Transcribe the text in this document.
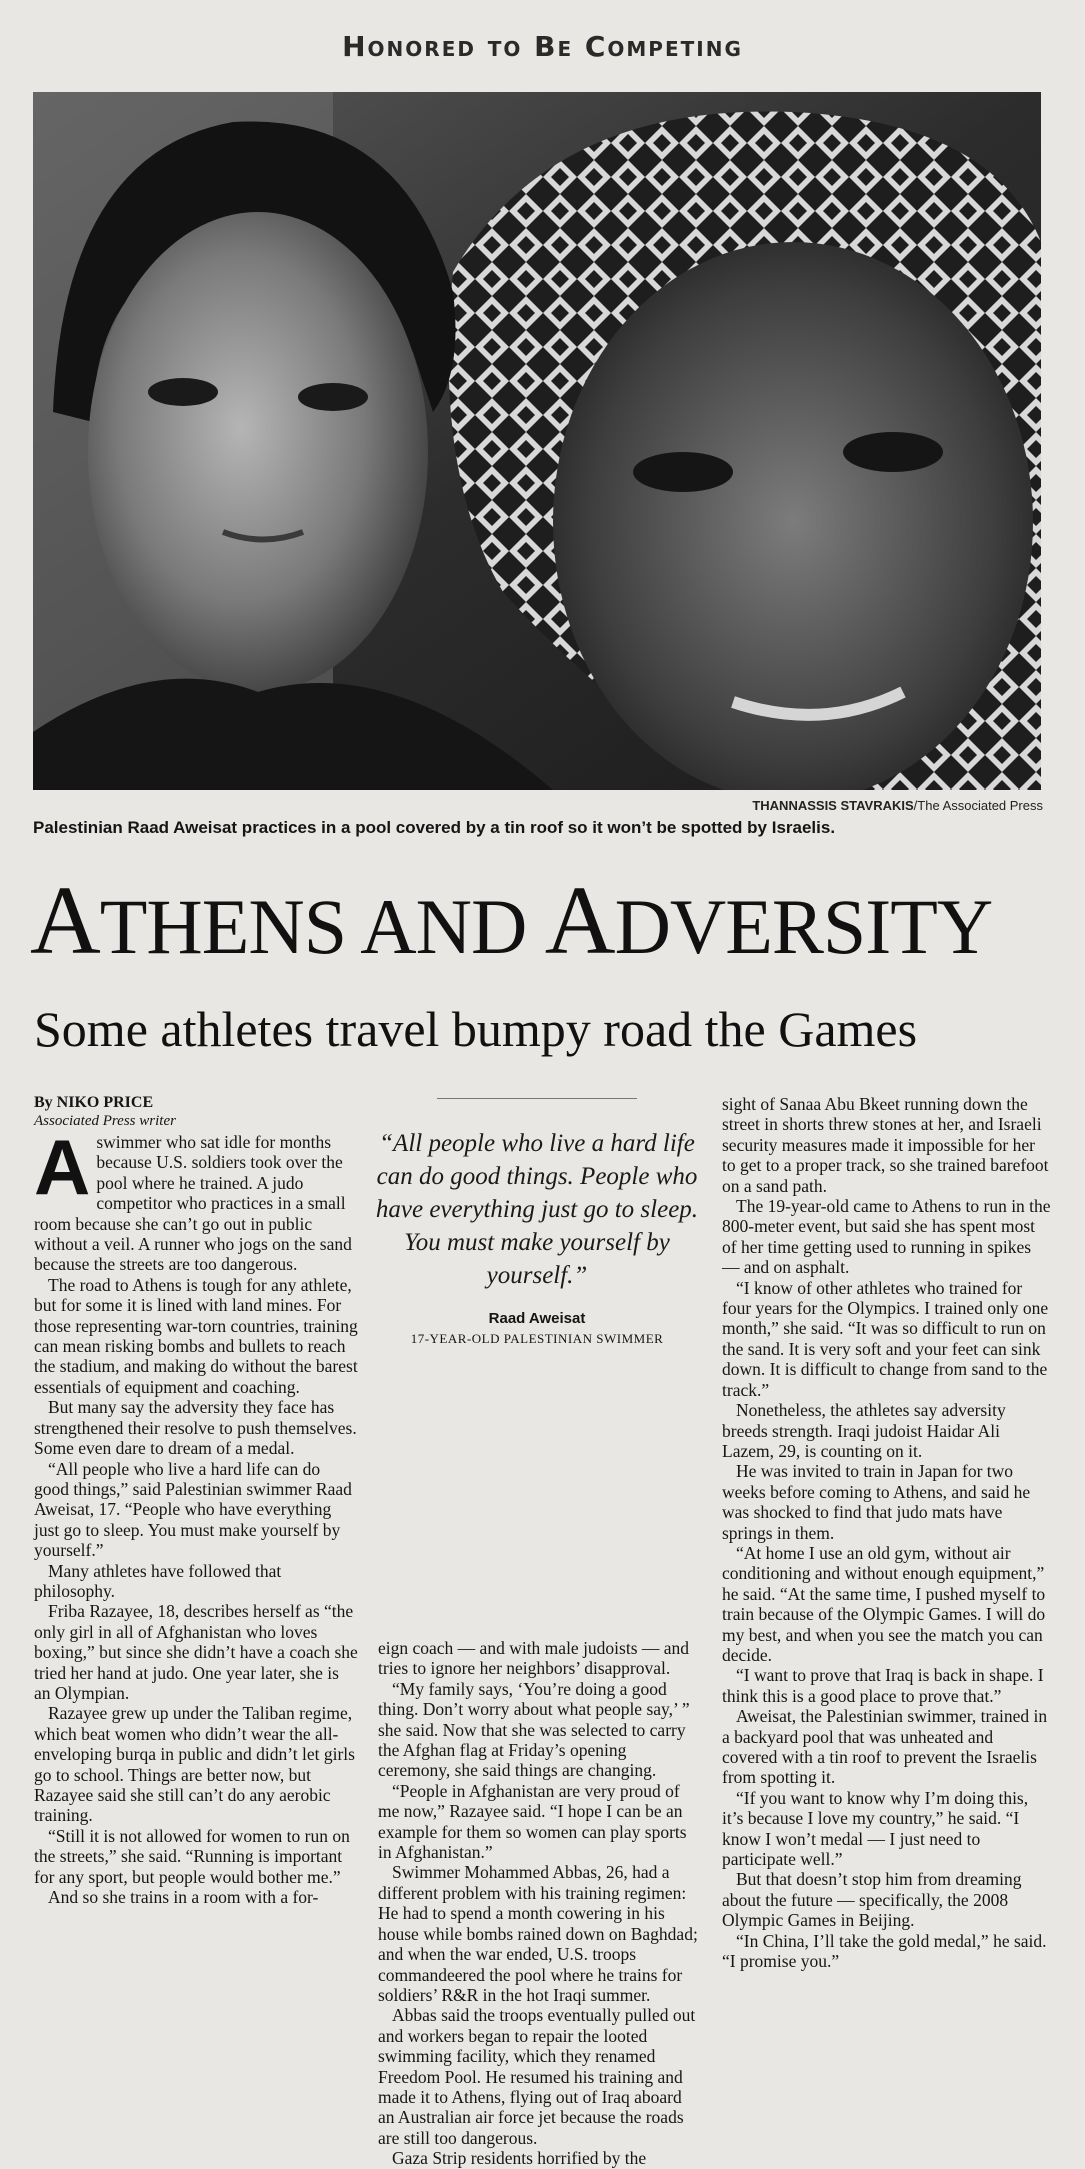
Honored to Be Competing
THANNASSIS STAVRAKIS/The Associated Press
Palestinian Raad Aweisat practices in a pool covered by a tin roof so it won’t be spotted by Israelis.
ATHENS AND ADVERSITY
Some athletes travel bumpy road the Games
By NIKO PRICE
Associated Press writer

Aswimmer who sat idle for months because U.S. soldiers took over the pool where he trained. A judo competitor who practices in a small room because she can’t go out in public without a veil. A runner who jogs on the sand because the streets are too dangerous.

The road to Athens is tough for any athlete, but for some it is lined with land mines. For those representing war-torn countries, training can mean risking bombs and bullets to reach the stadium, and making do without the barest essentials of equipment and coaching.

But many say the adversity they face has strengthened their resolve to push themselves. Some even dare to dream of a medal.

“All people who live a hard life can do good things,” said Palestinian swimmer Raad Aweisat, 17. “People who have everything just go to sleep. You must make yourself by yourself.”

Many athletes have followed that philosophy.

Friba Razayee, 18, describes herself as “the only girl in all of Afghanistan who loves boxing,” but since she didn’t have a coach she tried her hand at judo. One year later, she is an Olympian.

Razayee grew up under the Taliban regime, which beat women who didn’t wear the all-enveloping burqa in public and didn’t let girls go to school. Things are better now, but Razayee said she still can’t do any aerobic training.

“Still it is not allowed for women to run on the streets,” she said. “Running is important for any sport, but people would bother me.”

And so she trains in a room with a for-

“All people who live a hard life can do good things. People who have everything just go to sleep. You must make yourself by yourself.”
Raad Aweisat
17-YEAR-OLD PALESTINIAN SWIMMER

eign coach — and with male judoists — and tries to ignore her neighbors’ disapproval.

“My family says, ‘You’re doing a good thing. Don’t worry about what people say,’ ” she said. Now that she was selected to carry the Afghan flag at Friday’s opening ceremony, she said things are changing.

“People in Afghanistan are very proud of me now,” Razayee said. “I hope I can be an example for them so women can play sports in Afghanistan.”

Swimmer Mohammed Abbas, 26, had a different problem with his training regimen: He had to spend a month cowering in his house while bombs rained down on Baghdad; and when the war ended, U.S. troops commandeered the pool where he trains for soldiers’ R&R in the hot Iraqi summer.

Abbas said the troops eventually pulled out and workers began to repair the looted swimming facility, which they renamed Freedom Pool. He resumed his training and made it to Athens, flying out of Iraq aboard an Australian air force jet because the roads are still too dangerous.

Gaza Strip residents horrified by the

sight of Sanaa Abu Bkeet running down the street in shorts threw stones at her, and Israeli security measures made it impossible for her to get to a proper track, so she trained barefoot on a sand path.

The 19-year-old came to Athens to run in the 800-meter event, but said she has spent most of her time getting used to running in spikes — and on asphalt.

“I know of other athletes who trained for four years for the Olympics. I trained only one month,” she said. “It was so difficult to run on the sand. It is very soft and your feet can sink down. It is difficult to change from sand to the track.”

Nonetheless, the athletes say adversity breeds strength. Iraqi judoist Haidar Ali Lazem, 29, is counting on it.

He was invited to train in Japan for two weeks before coming to Athens, and said he was shocked to find that judo mats have springs in them.

“At home I use an old gym, without air conditioning and without enough equipment,” he said. “At the same time, I pushed myself to train because of the Olympic Games. I will do my best, and when you see the match you can decide.

“I want to prove that Iraq is back in shape. I think this is a good place to prove that.”

Aweisat, the Palestinian swimmer, trained in a backyard pool that was unheated and covered with a tin roof to prevent the Israelis from spotting it.

“If you want to know why I’m doing this, it’s because I love my country,” he said. “I know I won’t medal — I just need to participate well.”

But that doesn’t stop him from dreaming about the future — specifically, the 2008 Olympic Games in Beijing.

“In China, I’ll take the gold medal,” he said. “I promise you.”
